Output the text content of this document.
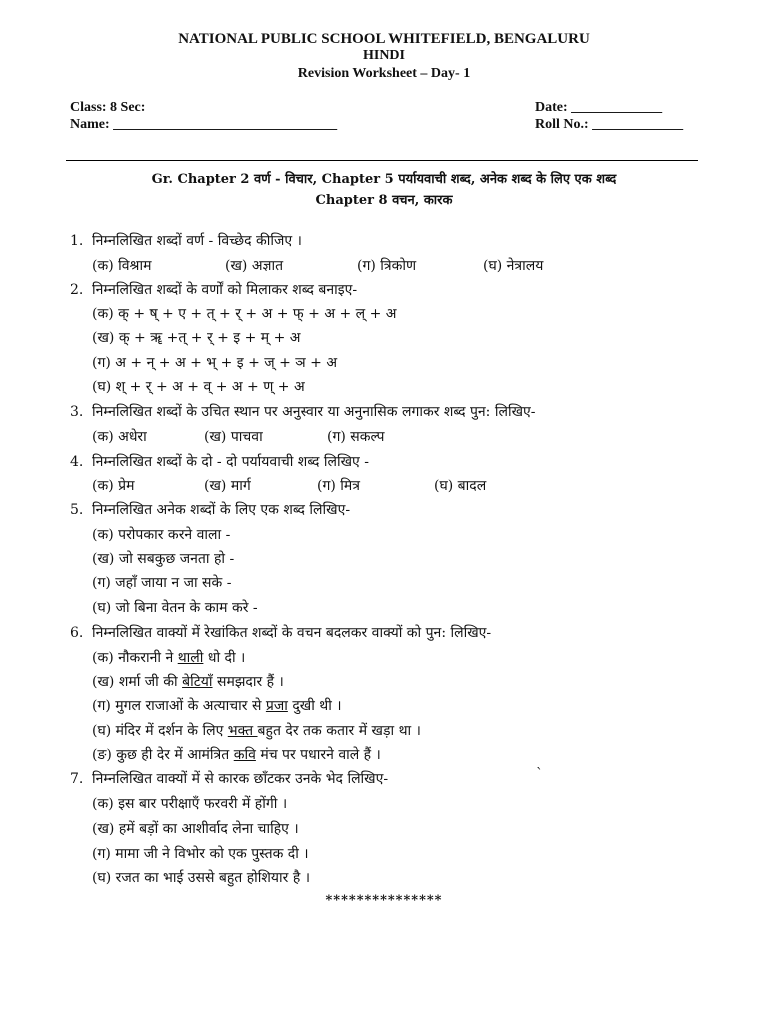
NATIONAL PUBLIC SCHOOL WHITEFIELD, BENGALURU
HINDI
Revision Worksheet – Day- 1
Class: 8 Sec:	Date: _____________
Name: ________________________________	Roll No.: _____________
Gr. Chapter 2 वर्ण - विचार, Chapter 5 पर्यायवाची शब्द, अनेक शब्द के लिए एक शब्द
Chapter 8 वचन, कारक
1. निम्नलिखित शब्दों वर्ण - विच्छेद कीजिए ।
(क) विश्राम	(ख) अज्ञात	(ग) त्रिकोण	(घ) नेत्रालय
2. निम्नलिखित शब्दों के वर्णों को मिलाकर शब्द बनाइए-
(क) क् + ष् + ए + त् + र् + अ + फ् + अ + ल् + अ
(ख) क् + ॠ +त् + र् + इ + म् + अ
(ग) अ + न् + अ + भ् + इ + ज् + ञ + अ
(घ) श् + र् + अ + व् + अ + ण् + अ
3. निम्नलिखित शब्दों के उचित स्थान पर अनुस्वार या अनुनासिक लगाकर शब्द पुन: लिखिए-
(क) अधेरा	(ख) पाचवा	(ग) सकल्प
4. निम्नलिखित शब्दों के दो - दो पर्यायवाची शब्द लिखिए -
(क) प्रेम	(ख) मार्ग	(ग) मित्र	(घ) बादल
5. निम्नलिखित अनेक शब्दों के लिए एक शब्द लिखिए-
(क) परोपकार करने वाला -
(ख) जो सबकुछ जनता हो -
(ग) जहाँ जाया न जा सके -
(घ) जो बिना वेतन के काम करे -
6. निम्नलिखित वाक्यों में रेखांकित शब्दों के वचन बदलकर वाक्यों को पुन: लिखिए-
(क) नौकरानी ने थाली धो दी ।
(ख) शर्मा जी की बेटियाँ समझदार हैं ।
(ग) मुगल राजाओं के अत्याचार से प्रजा दुखी थी ।
(घ) मंदिर में दर्शन के लिए भक्त बहुत देर तक कतार में खड़ा था ।
(ङ) कुछ ही देर में आमंत्रित कवि मंच पर पधारने वाले हैं ।
7. निम्नलिखित वाक्यों में से कारक छाँटकर उनके भेद लिखिए-	`
(क) इस बार परीक्षाएँ फरवरी में होंगी ।
(ख) हमें बड़ों का आशीर्वाद लेना चाहिए ।
(ग) मामा जी ने विभोर को एक पुस्तक दी ।
(घ) रजत का भाई उससे बहुत होशियार है ।
***************
